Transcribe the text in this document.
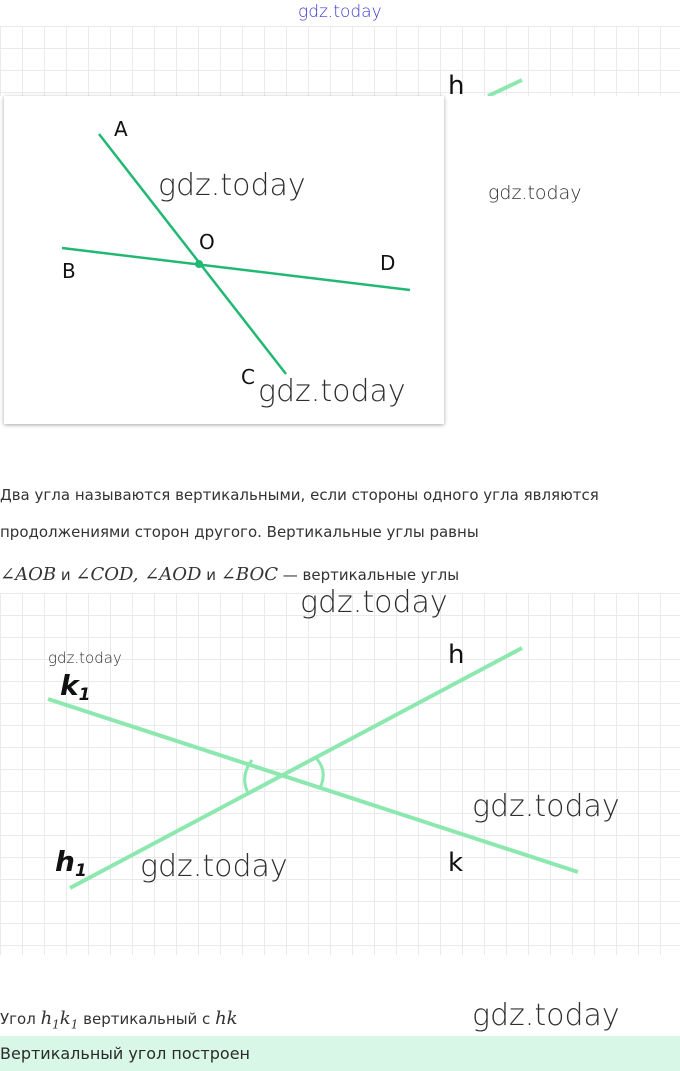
gdz.today
h
A
B
O
D
C
gdz.today
gdz.today
gdz.today
Два угла называются вертикальными, если стороны одного угла являются
продолжениями сторон другого. Вертикальные углы равны
∠AOB и ∠COD, ∠AOD и ∠BOC — вертикальные углы
k1
h1
h
k
gdz.today
gdz.today
gdz.today
gdz.today
Угол $h_1k_1$ вертикальный с hk	gdz.today
Вертикальный угол построен
